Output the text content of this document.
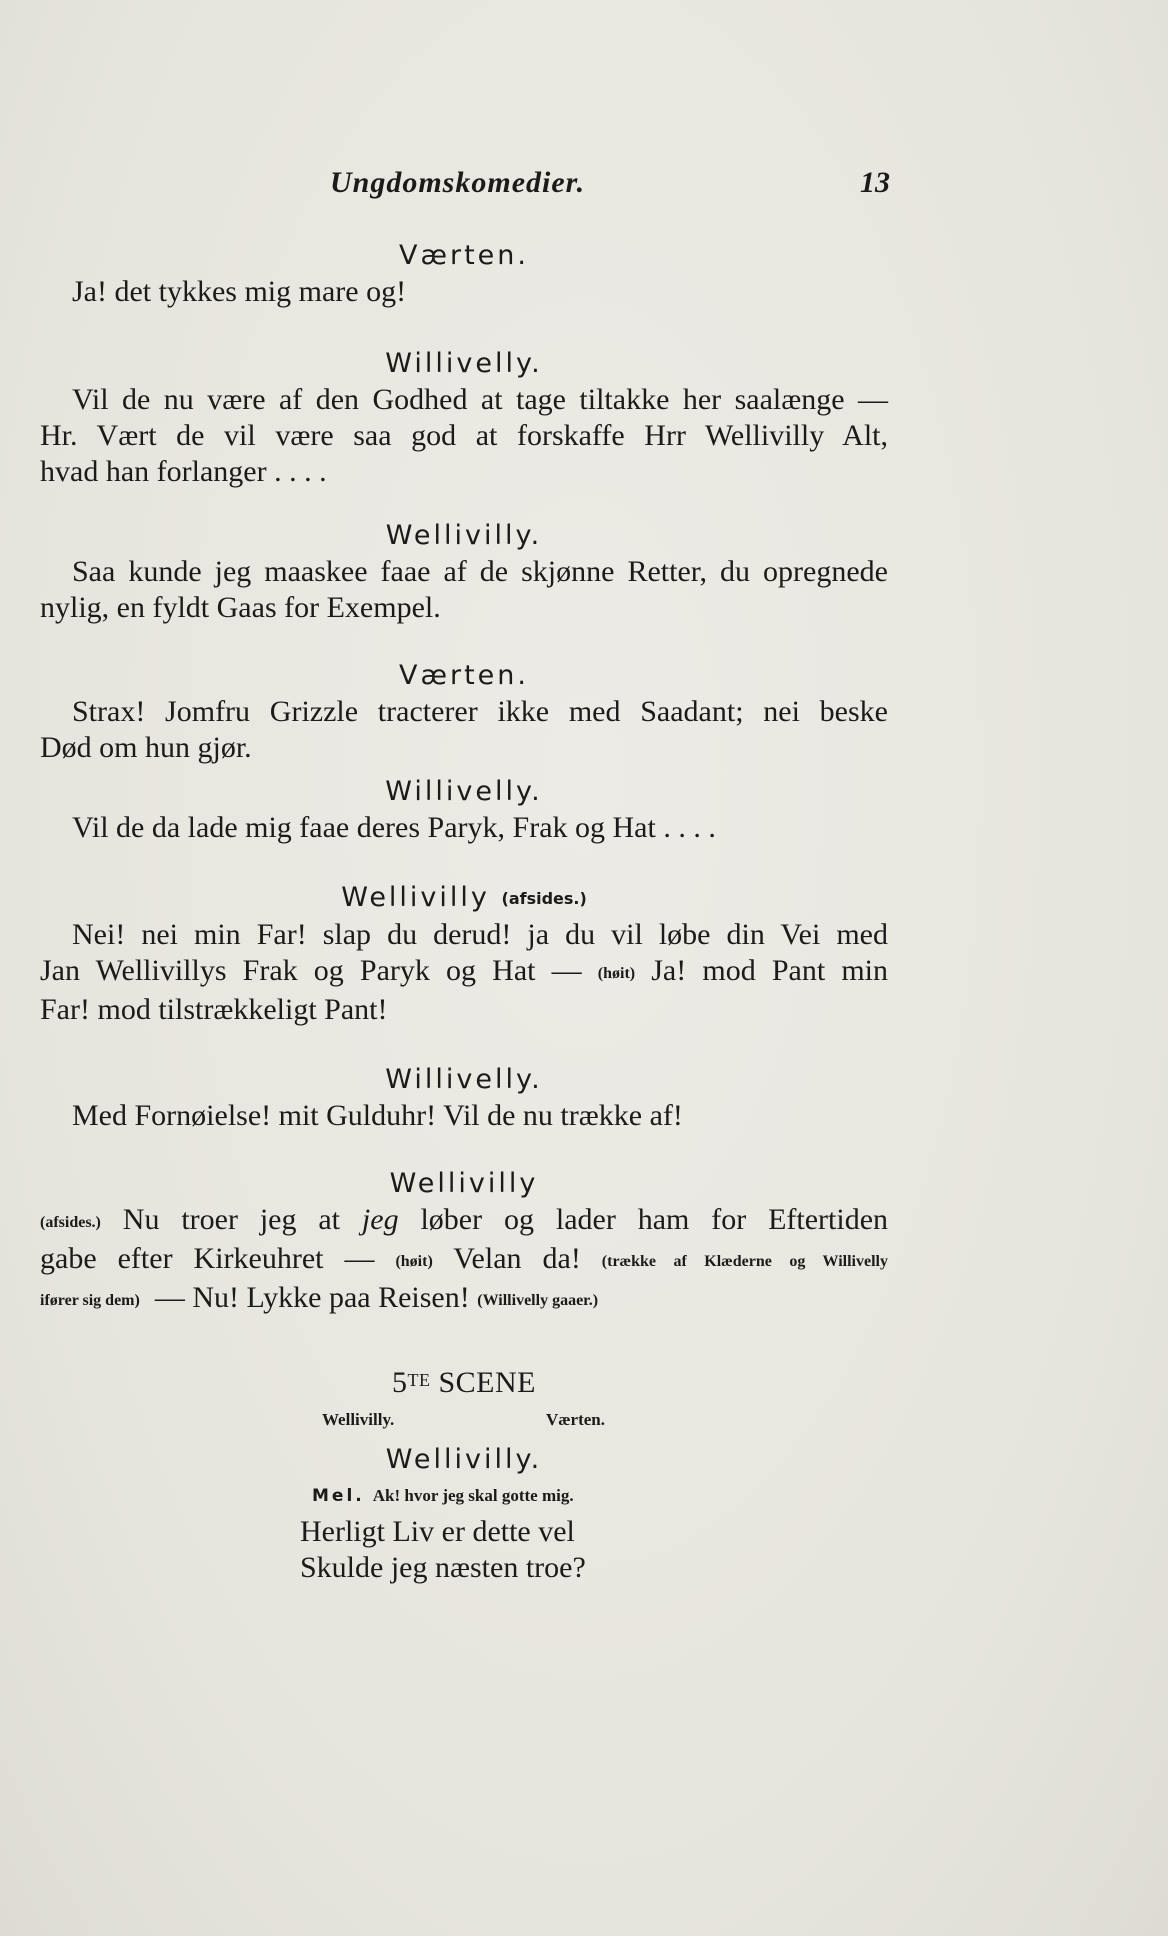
Ungdomskomedier.	13
Værten.
Ja! det tykkes mig mare og!
Willivelly.
Vil de nu være af den Godhed at tage tiltakke her saalænge —
Hr. Vært de vil være saa god at forskaffe Hrr Wellivilly Alt,
hvad han forlanger . . . .
Wellivilly.
Saa kunde jeg maaskee faae af de skjønne Retter, du opregnede
nylig, en fyldt Gaas for Exempel.
Værten.
Strax! Jomfru Grizzle tracterer ikke med Saadant; nei beske
Død om hun gjør.
Willivelly.
Vil de da lade mig faae deres Paryk, Frak og Hat . . . .
Wellivilly (afsides.)
Nei! nei min Far! slap du derud! ja du vil løbe din Vei med
Jan Wellivillys Frak og Paryk og Hat — (høit) Ja! mod Pant min
Far! mod tilstrækkeligt Pant!
Willivelly.
Med Fornøielse! mit Gulduhr! Vil de nu trække af!
Wellivilly
(afsides.) Nu troer jeg at jeg løber og lader ham for Eftertiden
gabe efter Kirkeuhret — (høit) Velan da! (trække af Klæderne og Willivelly
ifører sig dem) — Nu! Lykke paa Reisen! (Willivelly gaaer.)
$5^{TE}$ SCENE
Wellivilly.	Værten.
Wellivilly.
Mel. Ak! hvor jeg skal gotte mig.
Herligt Liv er dette vel
Skulde jeg næsten troe?
